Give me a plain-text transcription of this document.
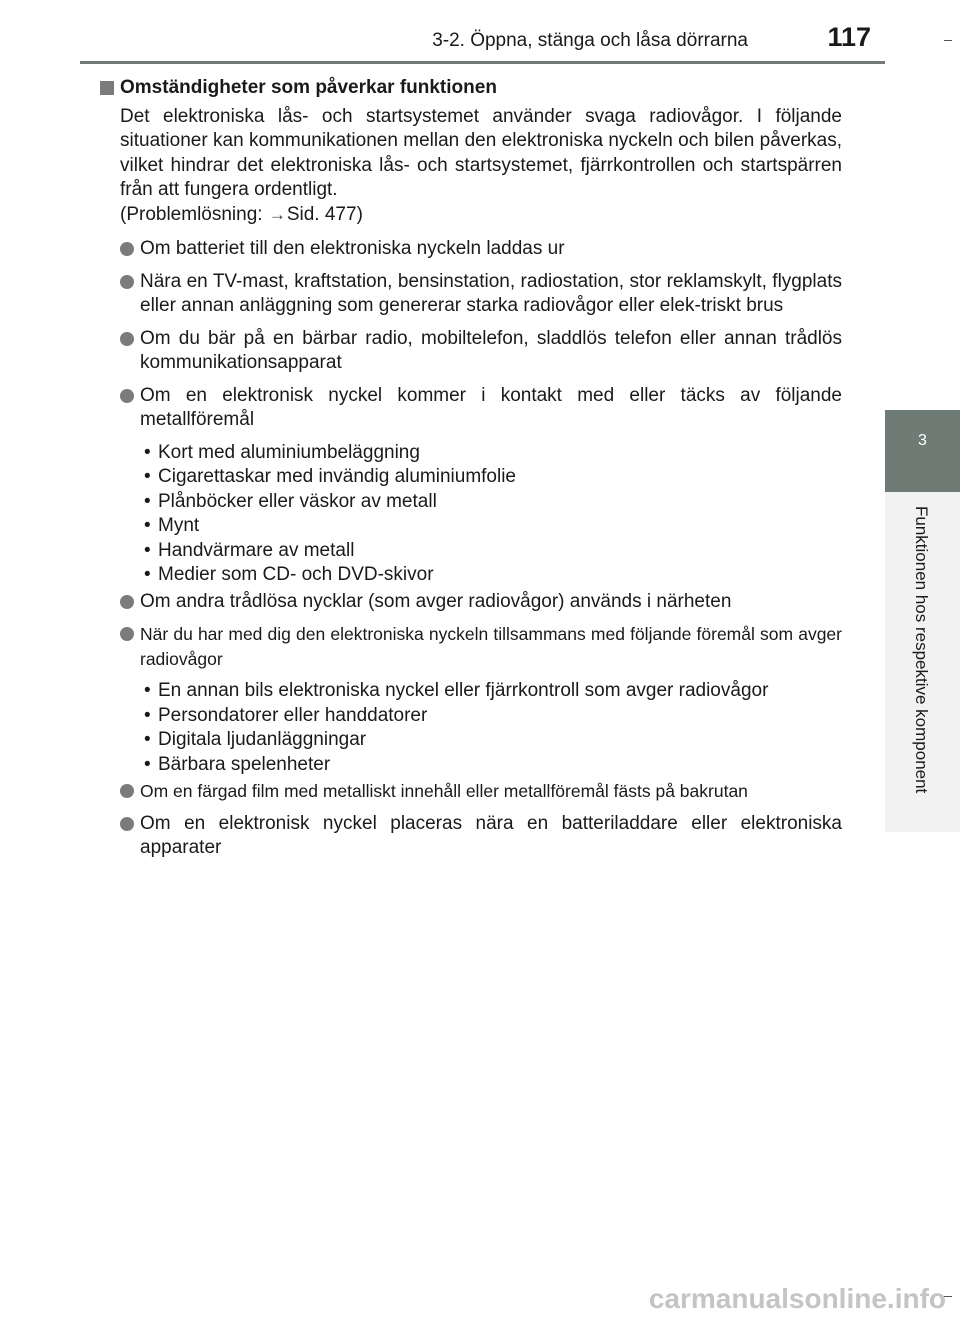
3-2. Öppna, stänga och låsa dörrarna	117
3
Funktionen hos respektive komponent
Omständigheter som påverkar funktionen

Det elektroniska lås- och startsystemet använder svaga radiovågor. I följande situationer kan kommunikationen mellan den elektroniska nyckeln och bilen påverkas, vilket hindrar det elektroniska lås- och startsystemet, fjärrkontrollen och startspärren från att fungera ordentligt.

(Problemlösning: →Sid. 477)

Om batteriet till den elektroniska nyckeln laddas ur
Nära en TV-mast, kraftstation, bensinstation, radiostation, stor reklamskylt, flygplats eller annan anläggning som genererar starka radiovågor eller elek-triskt brus
Om du bär på en bärbar radio, mobiltelefon, sladdlös telefon eller annan trådlös kommunikationsapparat
Om en elektronisk nyckel kommer i kontakt med eller täcks av följande metallföremål
• Kort med aluminiumbeläggning
• Cigarettaskar med invändig aluminiumfolie
• Plånböcker eller väskor av metall
• Mynt
• Handvärmare av metall
• Medier som CD- och DVD-skivor
Om andra trådlösa nycklar (som avger radiovågor) används i närheten
När du har med dig den elektroniska nyckeln tillsammans med följande föremål som avger radiovågor
• En annan bils elektroniska nyckel eller fjärrkontroll som avger radiovågor
• Persondatorer eller handdatorer
• Digitala ljudanläggningar
• Bärbara spelenheter
Om en färgad film med metalliskt innehåll eller metallföremål fästs på bakrutan
Om en elektronisk nyckel placeras nära en batteriladdare eller elektroniska apparater
carmanualsonline.info
